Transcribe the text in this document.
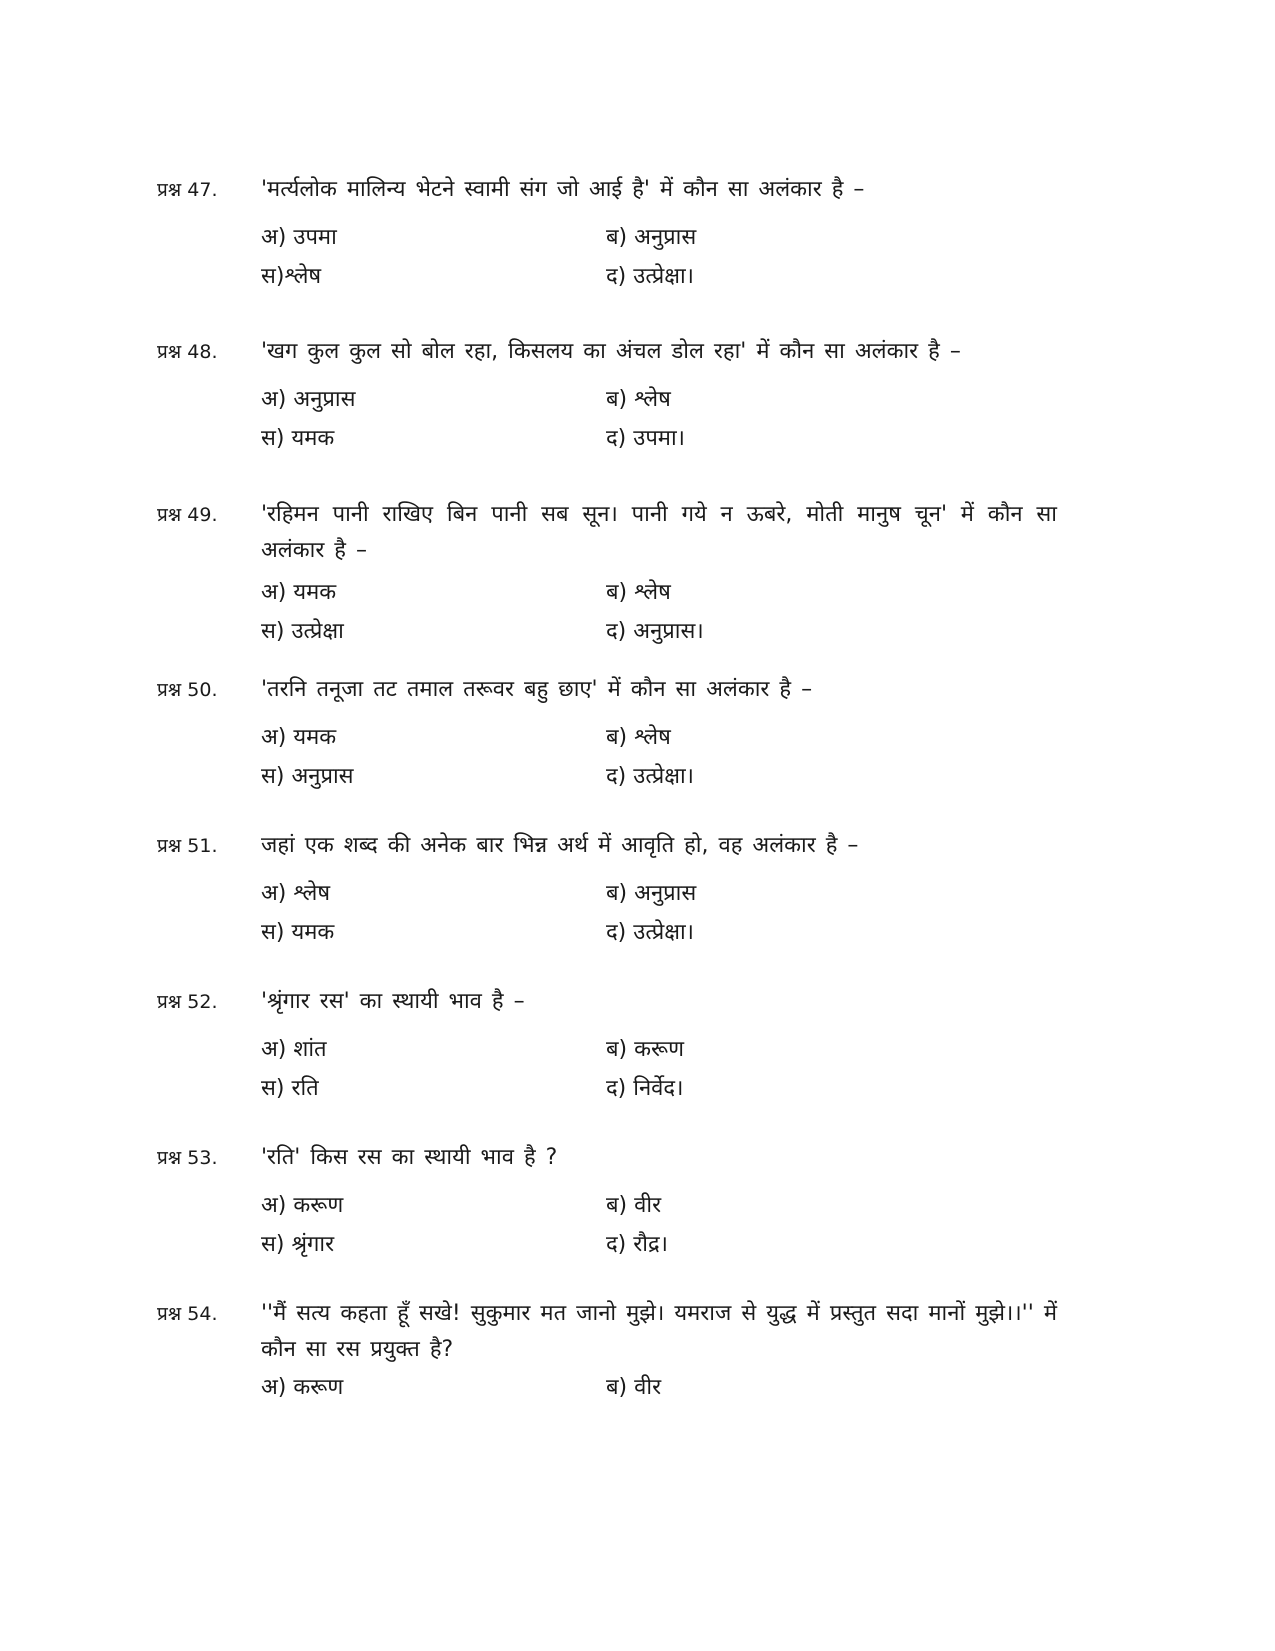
प्रश्न 47.	'मर्त्यलोक मालिन्य भेटने स्वामी संग जो आई है' में कौन सा अलंकार है –
अ) उपमा	ब) अनुप्रास
स)श्लेष	द) उत्प्रेक्षा।
प्रश्न 48.	'खग कुल कुल सो बोल रहा, किसलय का अंचल डोल रहा' में कौन सा अलंकार है –
अ) अनुप्रास	ब) श्लेष
स) यमक	द) उपमा।
प्रश्न 49.	'रहिमन पानी राखिए बिन पानी सब सून। पानी गये न ऊबरे, मोती मानुष चून' में कौन सा अलंकार है –
अ) यमक	ब) श्लेष
स) उत्प्रेक्षा	द) अनुप्रास।
प्रश्न 50.	'तरनि तनूजा तट तमाल तरूवर बहु छाए' में कौन सा अलंकार है –
अ) यमक	ब) श्लेष
स) अनुप्रास	द) उत्प्रेक्षा।
प्रश्न 51.	जहां एक शब्द की अनेक बार भिन्न अर्थ में आवृति हो, वह अलंकार है –
अ) श्लेष	ब) अनुप्रास
स) यमक	द) उत्प्रेक्षा।
प्रश्न 52.	'श्रृंगार रस' का स्थायी भाव है –
अ) शांत	ब) करूण
स) रति	द) निर्वेद।
प्रश्न 53.	'रति' किस रस का स्थायी भाव है ?
अ) करूण	ब) वीर
स) श्रृंगार	द) रौद्र।
प्रश्न 54.	''मैं सत्य कहता हूँ सखे! सुकुमार मत जानो मुझे। यमराज से युद्ध में प्रस्तुत सदा मानों मुझे।।'' में कौन सा रस प्रयुक्त है?
अ) करूण	ब) वीर
